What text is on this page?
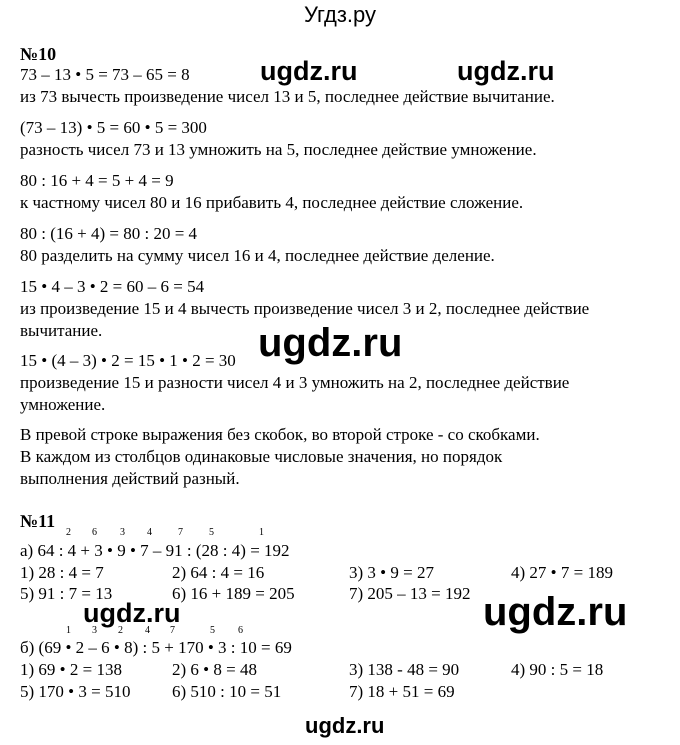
Угдз.ру
№10
73 – 13 • 5 = 73 – 65 = 8
из 73 вычесть произведение чисел 13 и 5, последнее действие вычитание.
(73 – 13) • 5 = 60 • 5 = 300
разность чисел 73 и 13 умножить на 5, последнее действие умножение.
80 : 16 + 4 = 5 + 4 = 9
к частному чисел 80 и 16 прибавить 4, последнее действие сложение.
80 : (16 + 4) = 80 : 20 = 4
80 разделить на сумму чисел 16 и 4, последнее действие деление.
15 • 4 – 3 • 2 = 60 – 6 = 54
из произведение 15 и 4 вычесть произведение чисел 3 и 2, последнее действие
вычитание.
15 • (4 – 3) • 2 = 15 • 1 • 2 = 30
произведение 15 и разности чисел 4 и 3 умножить на 2, последнее действие
умножение.
В превой строке выражения без скобок, во второй строке - со скобками.
В каждом из столбцов одинаковые числовые значения, но порядок
выполнения действий разный.
№11
2 6 3 4	7	5	1
а) 64 : 4 + 3 • 9 • 7 – 91 : (28 : 4) = 192
1) 28 : 4 = 7	2) 64 : 4 = 16	3) 3 • 9 = 27	4) 27 • 7 = 189
5) 91 : 7 = 13	6) 16 + 189 = 205	7) 205 – 13 = 192
1 3 2 4 7	5 6
б) (69 • 2 – 6 • 8) : 5 + 170 • 3 : 10 = 69
1) 69 • 2 = 138	2) 6 • 8 = 48	3) 138 - 48 = 90	4) 90 : 5 = 18
5) 170 • 3 = 510 6) 510 : 10 = 51	7) 18 + 51 = 69
ugdz.ru	ugdz.ru
ugdz.ru
ugdz.ru	ugdz.ru
ugdz.ru
